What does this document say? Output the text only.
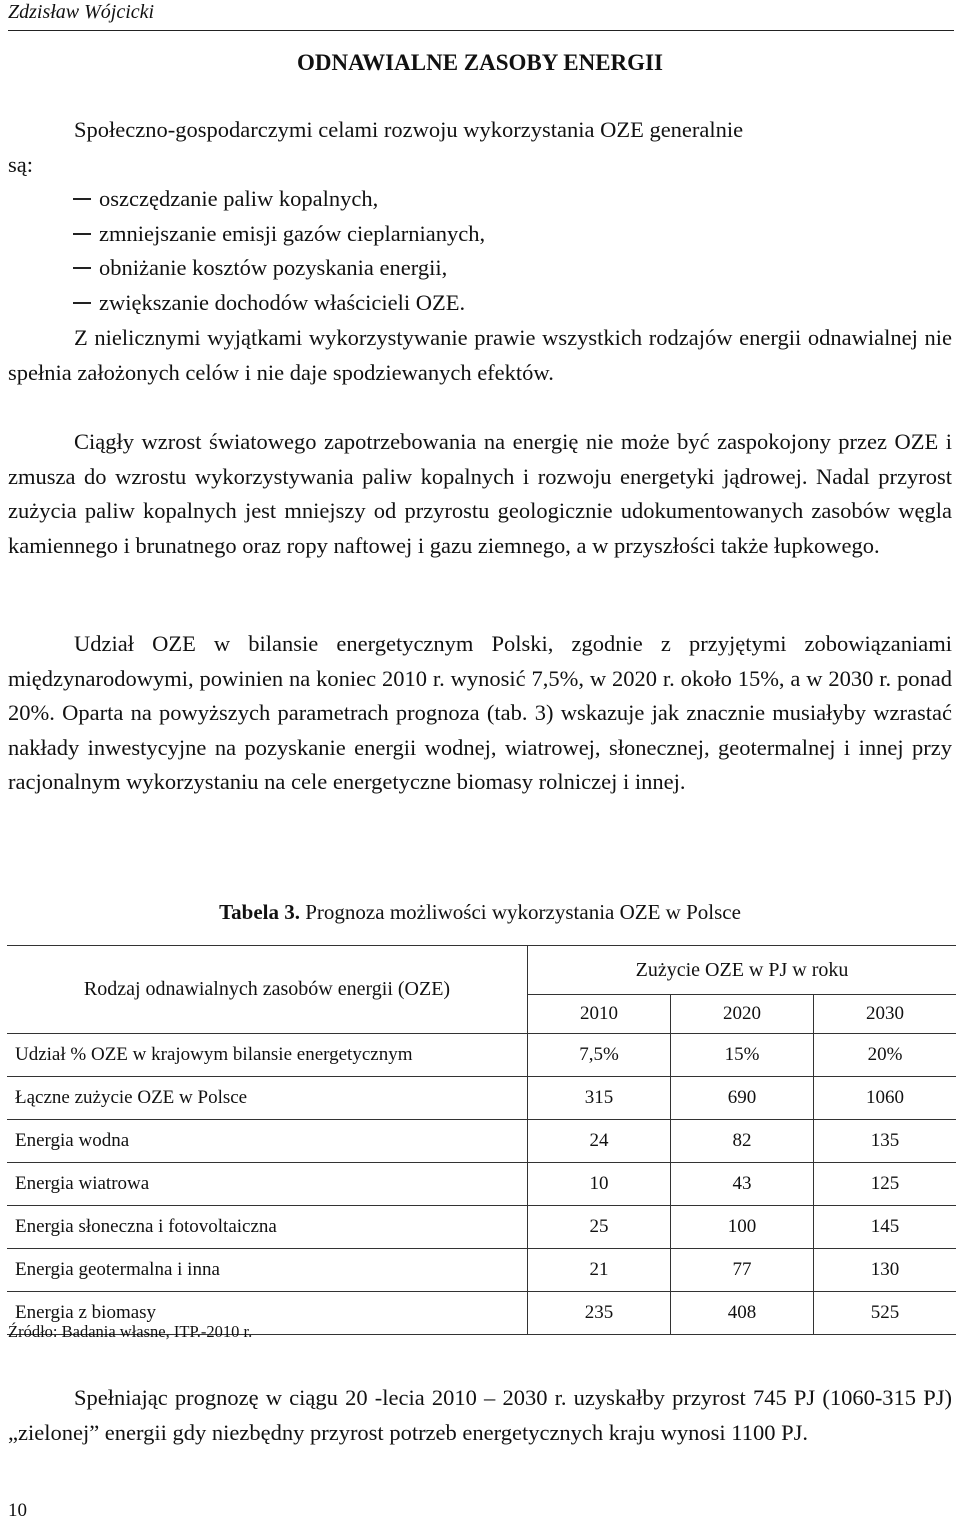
Zdzisław Wójcicki
ODNAWIALNE ZASOBY ENERGII
Społeczno-gospodarczymi celami rozwoju wykorzystania OZE generalnie
są:
oszczędzanie paliw kopalnych,
zmniejszanie emisji gazów cieplarnianych,
obniżanie kosztów pozyskania energii,
zwiększanie dochodów właścicieli OZE.

Z nielicznymi wyjątkami wykorzystywanie prawie wszystkich rodzajów energii odnawialnej nie spełnia założonych celów i nie daje spodziewanych efektów.

Ciągły wzrost światowego zapotrzebowania na energię nie może być zaspokojony przez OZE i zmusza do wzrostu wykorzystywania paliw kopalnych i rozwoju energetyki jądrowej. Nadal przyrost zużycia paliw kopalnych jest mniejszy od przyrostu geologicznie udokumentowanych zasobów węgla kamiennego i brunatnego oraz ropy naftowej i gazu ziemnego, a w przyszłości także łupkowego.

Udział OZE w bilansie energetycznym Polski, zgodnie z przyjętymi zobowiązaniami międzynarodowymi, powinien na koniec 2010 r. wynosić 7,5%, w 2020 r. około 15%, a w 2030 r. ponad 20%. Oparta na powyższych parametrach prognoza (tab. 3) wskazuje jak znacznie musiałyby wzrastać nakłady inwestycyjne na pozyskanie energii wodnej, wiatrowej, słonecznej, geotermalnej i innej przy racjonalnym wykorzystaniu na cele energetyczne biomasy rolniczej i innej.

Tabela 3. Prognoza możliwości wykorzystania OZE w Polsce
Rodzaj odnawialnych zasobów energii (OZE)	Zużycie OZE w PJ w roku		
	2010	2020	2030
Udział % OZE w krajowym bilansie energetycznym	7,5%	15%	20%
Łączne zużycie OZE w Polsce	315	690	1060
Energia wodna	24	82	135
Energia wiatrowa	10	43	125
Energia słoneczna i fotovoltaiczna	25	100	145
Energia geotermalna i inna	21	77	130
Energia z biomasy	235	408	525
Źródło: Badania własne, ITP.-2010 r.

Spełniając prognozę w ciągu 20 -lecia 2010 – 2030 r. uzyskałby przyrost 745 PJ (1060-315 PJ) „zielonej” energii gdy niezbędny przyrost potrzeb energetycznych kraju wynosi 1100 PJ.

10
